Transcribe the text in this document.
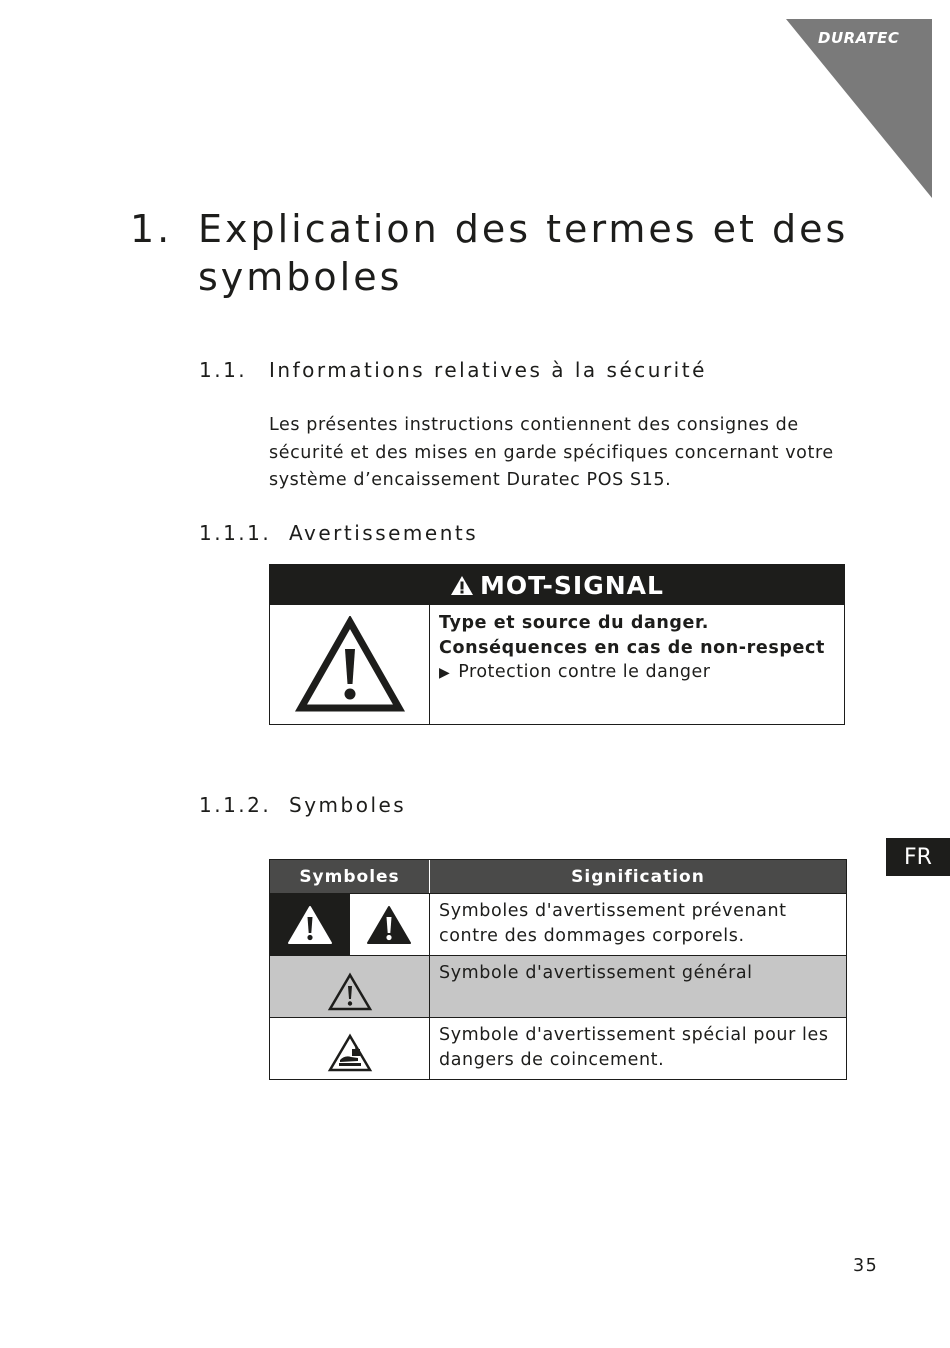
DURATEC
1. Explication des termes et des symboles
1.1. Informations relatives à la sécurité
Les présentes instructions contiennent des consignes de sécurité et des mises en garde spécifiques concernant votre système d’encaissement Duratec POS S15.
1.1.1. Avertissements
MOT-SIGNAL
Type et source du danger.
Conséquences en cas de non-respect
▶ Protection contre le danger
1.1.2. Symboles
Symboles	Signification
Symboles d'avertissement prévenant contre des dommages corporels.
Symbole d'avertissement général
Symbole d'avertissement spécial pour les dangers de coincement.
FR
35
